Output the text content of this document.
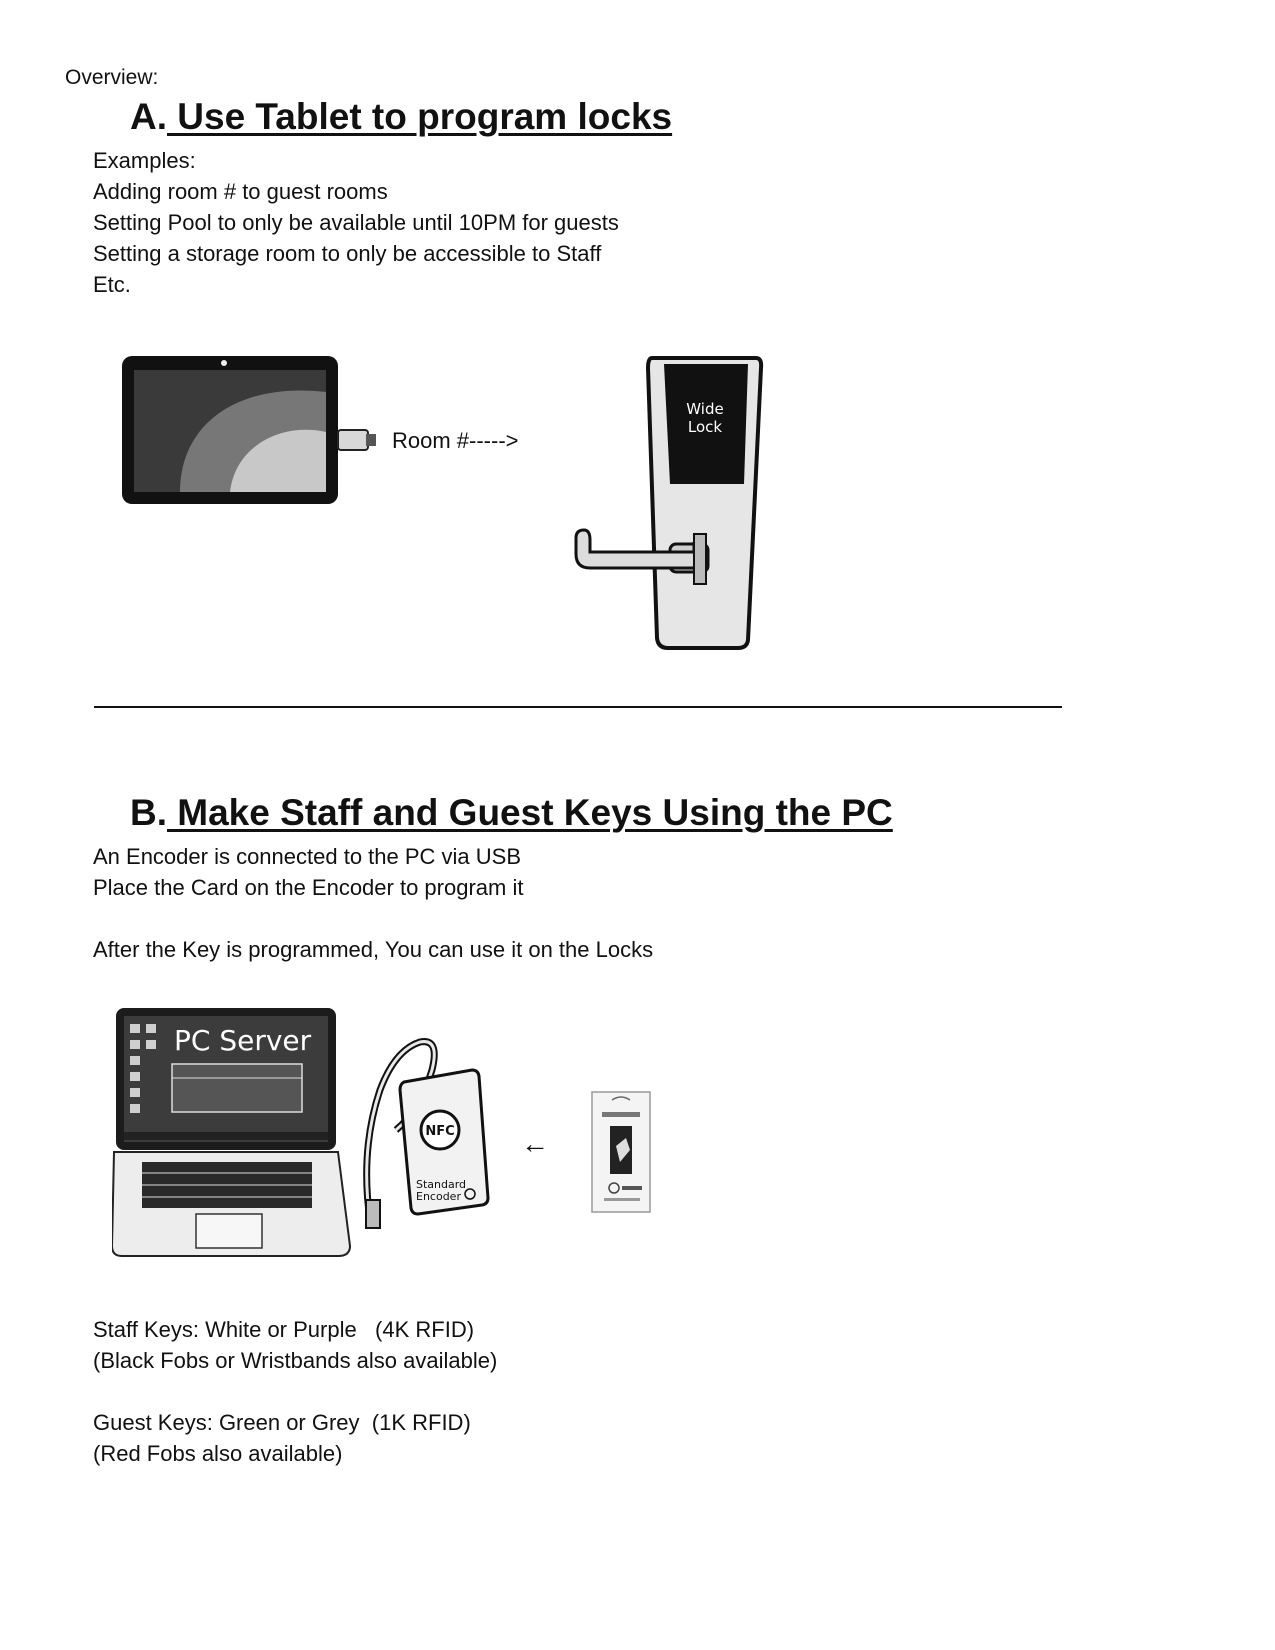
Overview:
A. Use Tablet to program locks
Examples:
Adding room # to guest rooms
Setting Pool to only be available until 10PM for guests
Setting a storage room to only be accessible to Staff
Etc.
Room #----->
Wide
Lock
B. Make Staff and Guest Keys Using the PC
An Encoder is connected to the PC via USB
Place the Card on the Encoder to program it
After the Key is programmed, You can use it on the Locks
PC Server
NFC
Standard
Encoder
←
Staff Keys: White or Purple   (4K RFID)
(Black Fobs or Wristbands also available)
Guest Keys: Green or Grey  (1K RFID)
(Red Fobs also available)
